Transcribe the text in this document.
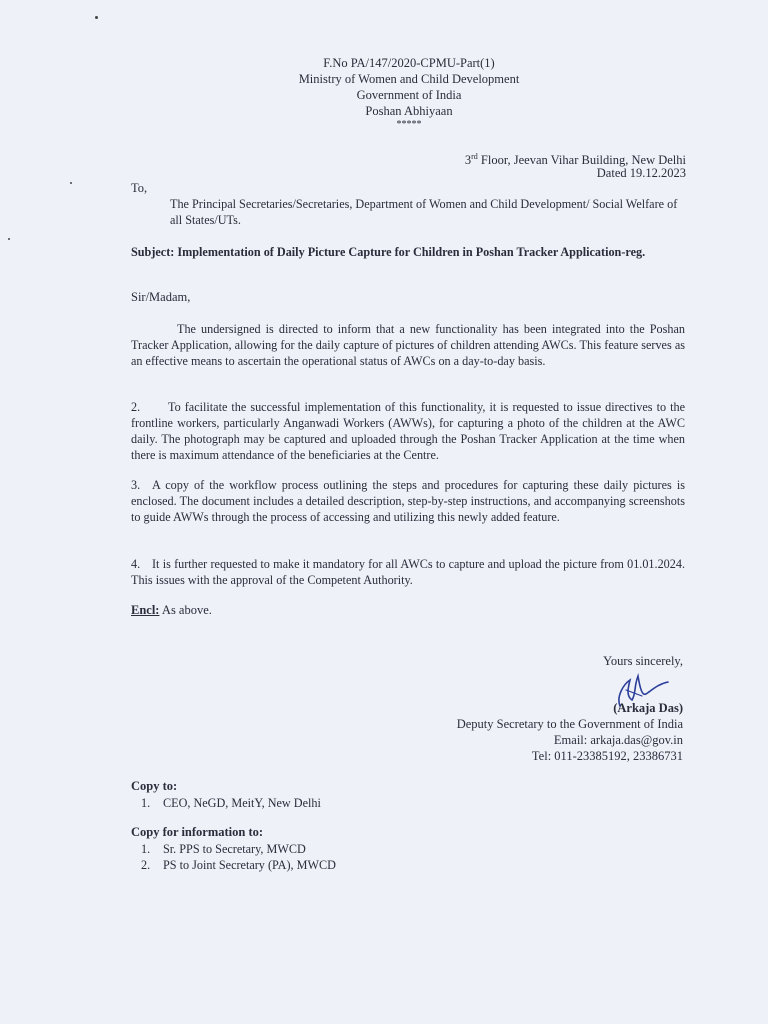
F.No PA/147/2020-CPMU-Part(1)
Ministry of Women and Child Development
Government of India
Poshan Abhiyaan
*****
3rd Floor, Jeevan Vihar Building, New Delhi
Dated 19.12.2023
To,
The Principal Secretaries/Secretaries, Department of Women and Child Development/ Social Welfare of all States/UTs.
Subject: Implementation of Daily Picture Capture for Children in Poshan Tracker Application-reg.
Sir/Madam,
The undersigned is directed to inform that a new functionality has been integrated into the Poshan Tracker Application, allowing for the daily capture of pictures of children attending AWCs. This feature serves as an effective means to ascertain the operational status of AWCs on a day-to-day basis.
2. To facilitate the successful implementation of this functionality, it is requested to issue directives to the frontline workers, particularly Anganwadi Workers (AWWs), for capturing a photo of the children at the AWC daily. The photograph may be captured and uploaded through the Poshan Tracker Application at the time when there is maximum attendance of the beneficiaries at the Centre.
3. A copy of the workflow process outlining the steps and procedures for capturing these daily pictures is enclosed. The document includes a detailed description, step-by-step instructions, and accompanying screenshots to guide AWWs through the process of accessing and utilizing this newly added feature.
4. It is further requested to make it mandatory for all AWCs to capture and upload the picture from 01.01.2024. This issues with the approval of the Competent Authority.
Encl: As above.
Yours sincerely,
(Arkaja Das)
Deputy Secretary to the Government of India
Email: arkaja.das@gov.in
Tel: 011-23385192, 23386731
Copy to:
1. CEO, NeGD, MeitY, New Delhi
Copy for information to:
1. Sr. PPS to Secretary, MWCD
2. PS to Joint Secretary (PA), MWCD
